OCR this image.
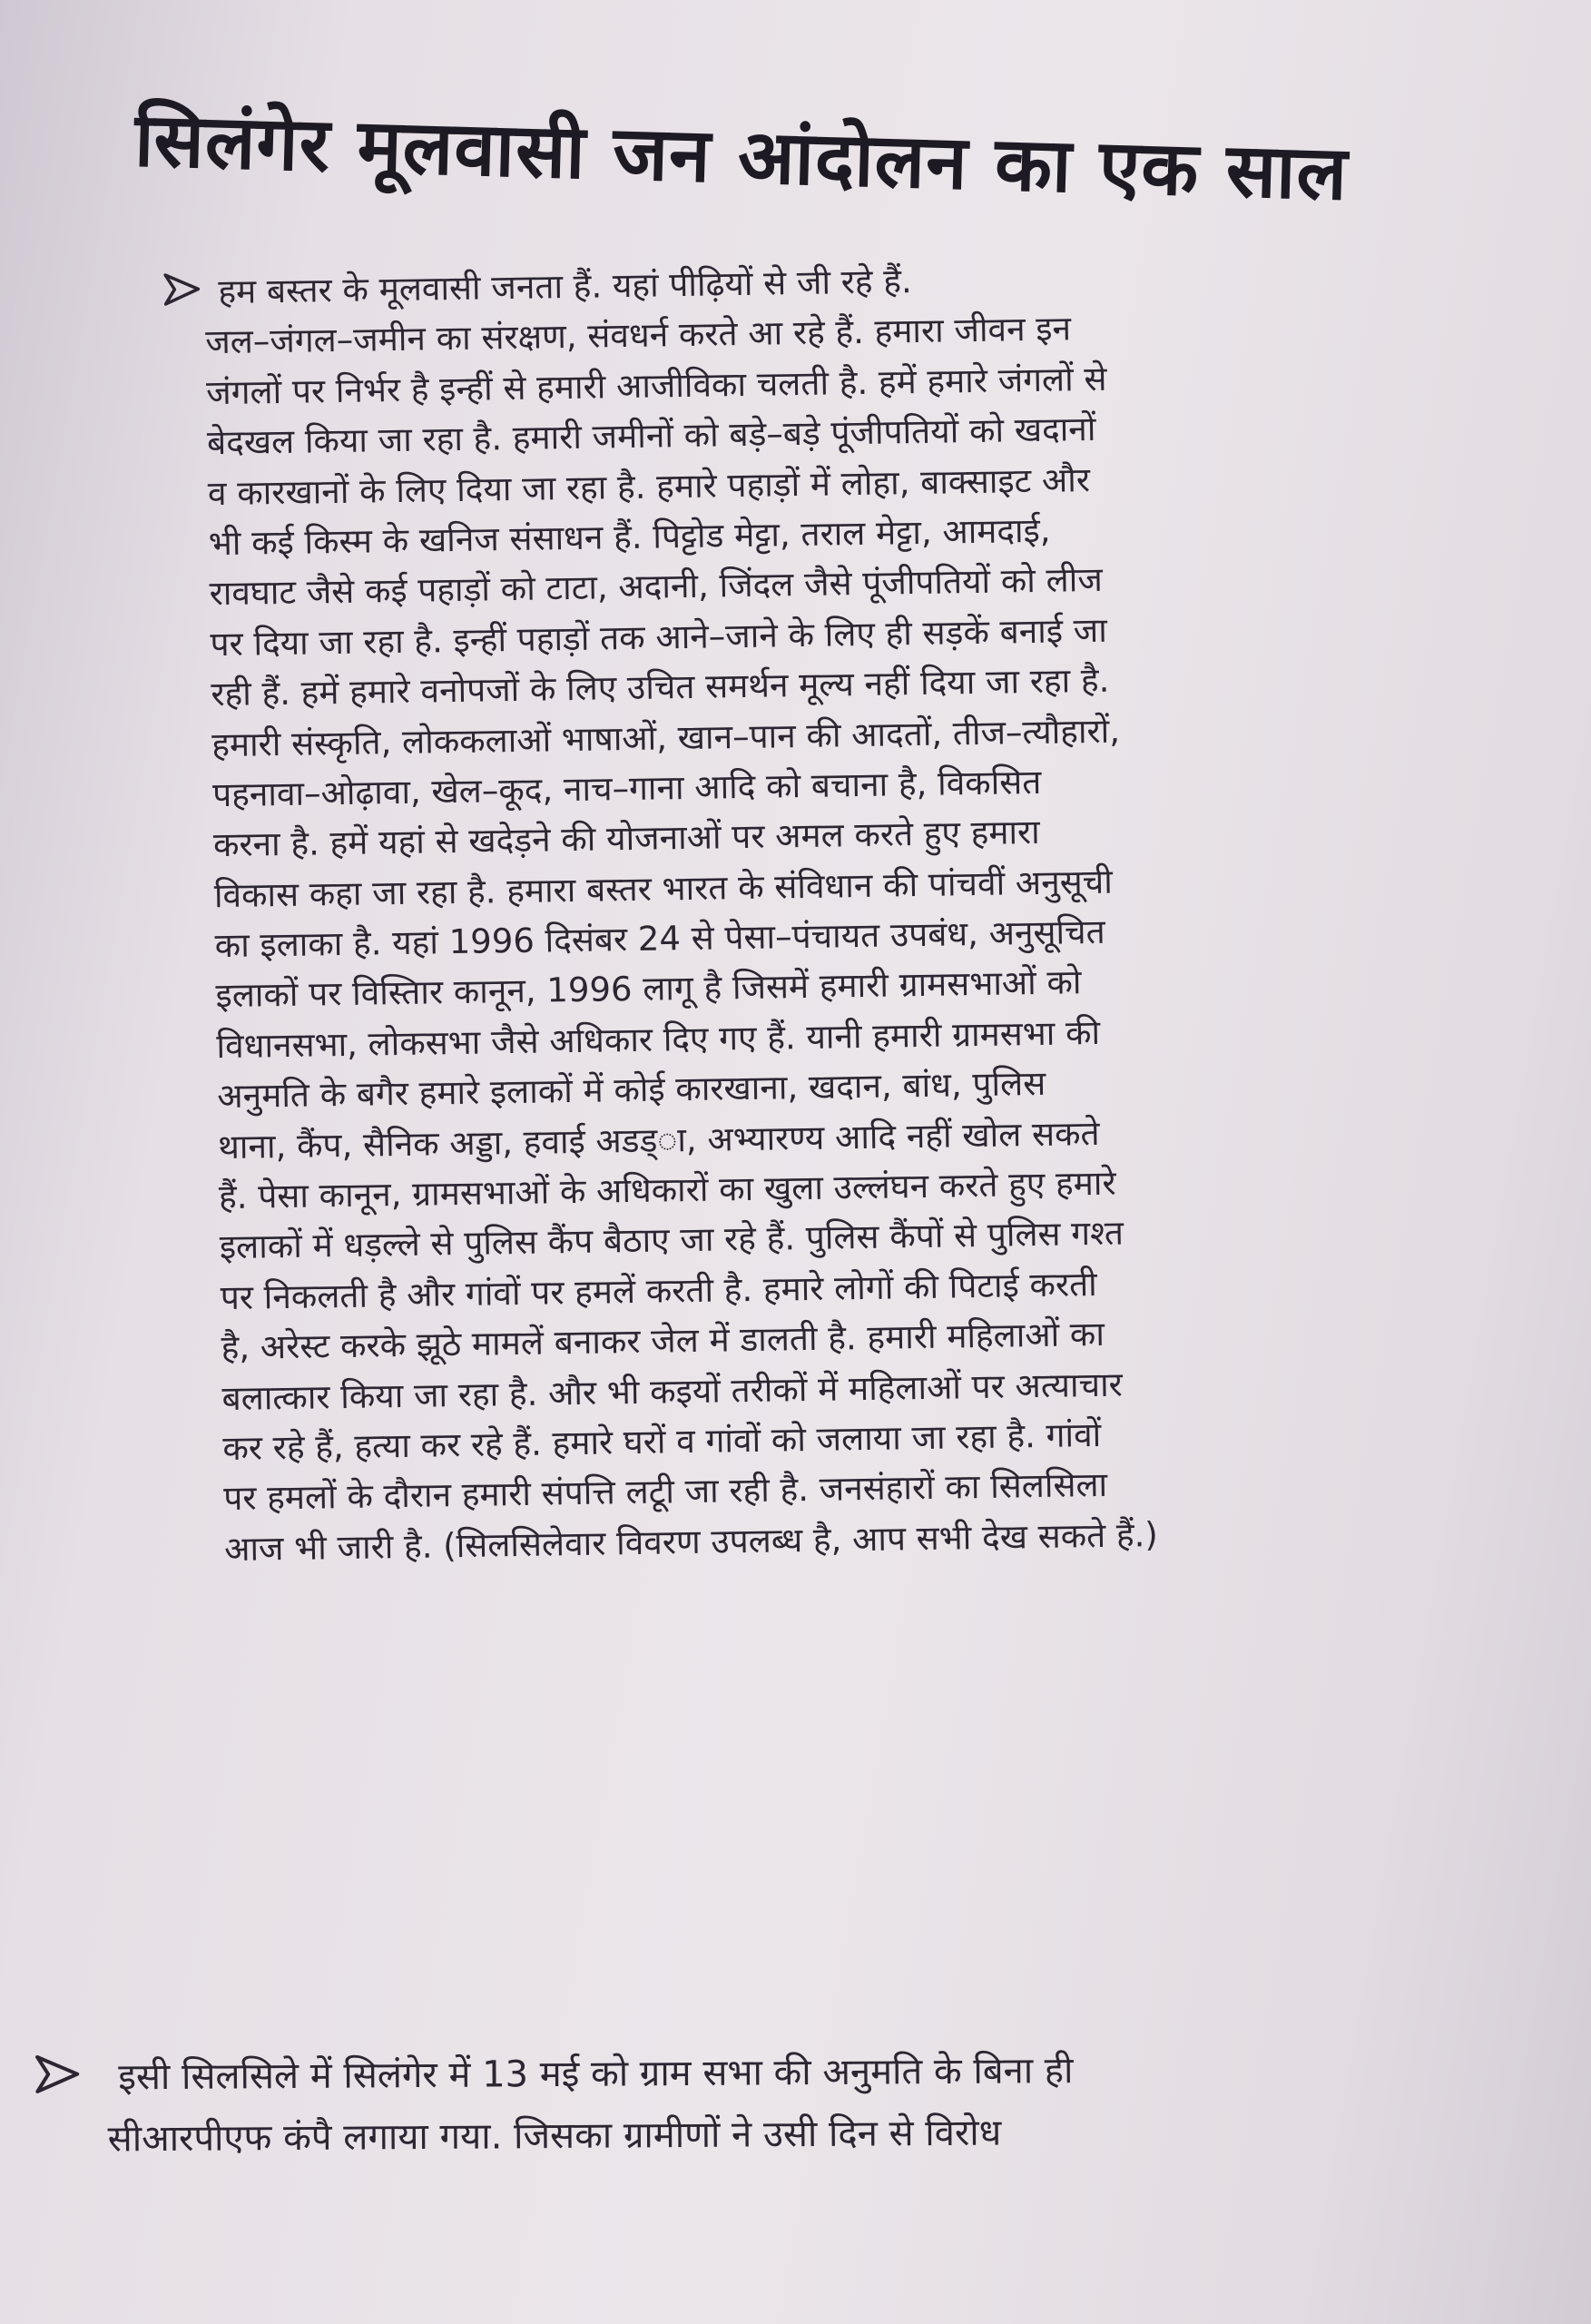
सिलंगेर मूलवासी जन आंदोलन का एक साल
हम बस्तर के मूलवासी जनता हैं. यहां पीढ़ियों से जी रहे हैं.
जल–जंगल–जमीन का संरक्षण, संवधर्न करते आ रहे हैं. हमारा जीवन इन
जंगलों पर निर्भर है इन्हीं से हमारी आजीविका चलती है. हमें हमारे जंगलों से
बेदखल किया जा रहा है. हमारी जमीनों को बड़े–बड़े पूंजीपतियों को खदानों
व कारखानों के लिए दिया जा रहा है. हमारे पहाड़ों में लोहा, बाक्साइट और
भी कई किस्म के खनिज संसाधन हैं. पिट्टोड मेट्टा, तराल मेट्टा, आमदाई,
रावघाट जैसे कई पहाड़ों को टाटा, अदानी, जिंदल जैसे पूंजीपतियों को लीज
पर दिया जा रहा है. इन्हीं पहाड़ों तक आने–जाने के लिए ही सड़कें बनाई जा
रही हैं. हमें हमारे वनोपजों के लिए उचित समर्थन मूल्य नहीं दिया जा रहा है.
हमारी संस्कृति, लोककलाओं भाषाओं, खान–पान की आदतों, तीज–त्यौहारों,
पहनावा–ओढ़ावा, खेल–कूद, नाच–गाना आदि को बचाना है, विकसित
करना है. हमें यहां से खदेड़ने की योजनाओं पर अमल करते हुए हमारा
विकास कहा जा रहा है. हमारा बस्तर भारत के संविधान की पांचवीं अनुसूची
का इलाका है. यहां 1996 दिसंबर 24 से पेसा–पंचायत उपबंध, अनुसूचित
इलाकों पर विस्तिार कानून, 1996 लागू है जिसमें हमारी ग्रामसभाओं को
विधानसभा, लोकसभा जैसे अधिकार दिए गए हैं. यानी हमारी ग्रामसभा की
अनुमति के बगैर हमारे इलाकों में कोई कारखाना, खदान, बांध, पुलिस
थाना, कैंप, सैनिक अड्डा, हवाई अडड्ा, अभ्यारण्य आदि नहीं खोल सकते
हैं. पेसा कानून, ग्रामसभाओं के अधिकारों का खुला उल्लंघन करते हुए हमारे
इलाकों में धड़ल्ले से पुलिस कैंप बैठाए जा रहे हैं. पुलिस कैंपों से पुलिस गश्त
पर निकलती है और गांवों पर हमलें करती है. हमारे लोगों की पिटाई करती
है, अरेस्ट करके झूठे मामलें बनाकर जेल में डालती है. हमारी महिलाओं का
बलात्कार किया जा रहा है. और भी कइयों तरीकों में महिलाओं पर अत्याचार
कर रहे हैं, हत्या कर रहे हैं. हमारे घरों व गांवों को जलाया जा रहा है. गांवों
पर हमलों के दौरान हमारी संपत्ति लटूी जा रही है. जनसंहारों का सिलसिला
आज भी जारी है. (सिलसिलेवार विवरण उपलब्ध है, आप सभी देख सकते हैं.)
इसी सिलसिले में सिलंगेर में 13 मई को ग्राम सभा की अनुमति के बिना ही
सीआरपीएफ कंपै लगाया गया. जिसका ग्रामीणों ने उसी दिन से विरोध
